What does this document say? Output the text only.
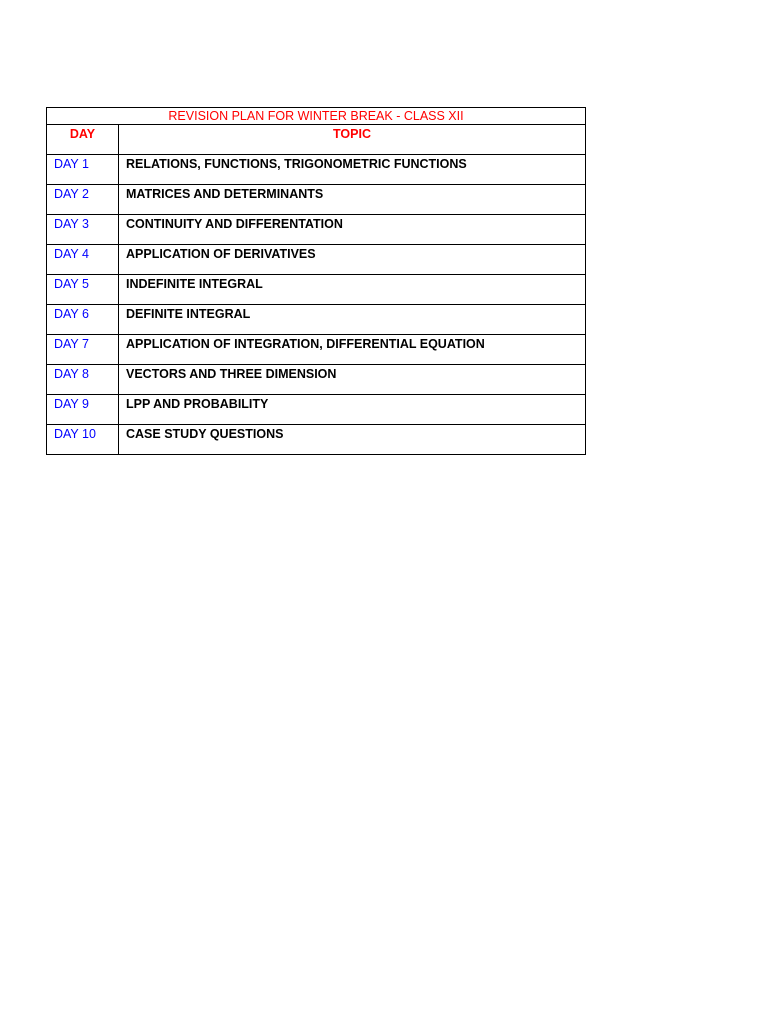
REVISION PLAN FOR WINTER BREAK - CLASS XII	
DAY	TOPIC
DAY 1	RELATIONS, FUNCTIONS, TRIGONOMETRIC FUNCTIONS
DAY 2	MATRICES AND DETERMINANTS
DAY 3	CONTINUITY AND DIFFERENTATION
DAY 4	APPLICATION OF DERIVATIVES
DAY 5	INDEFINITE INTEGRAL
DAY 6	DEFINITE INTEGRAL
DAY 7	APPLICATION OF INTEGRATION, DIFFERENTIAL EQUATION
DAY 8	VECTORS AND THREE DIMENSION
DAY 9	LPP AND PROBABILITY
DAY 10	CASE STUDY QUESTIONS
